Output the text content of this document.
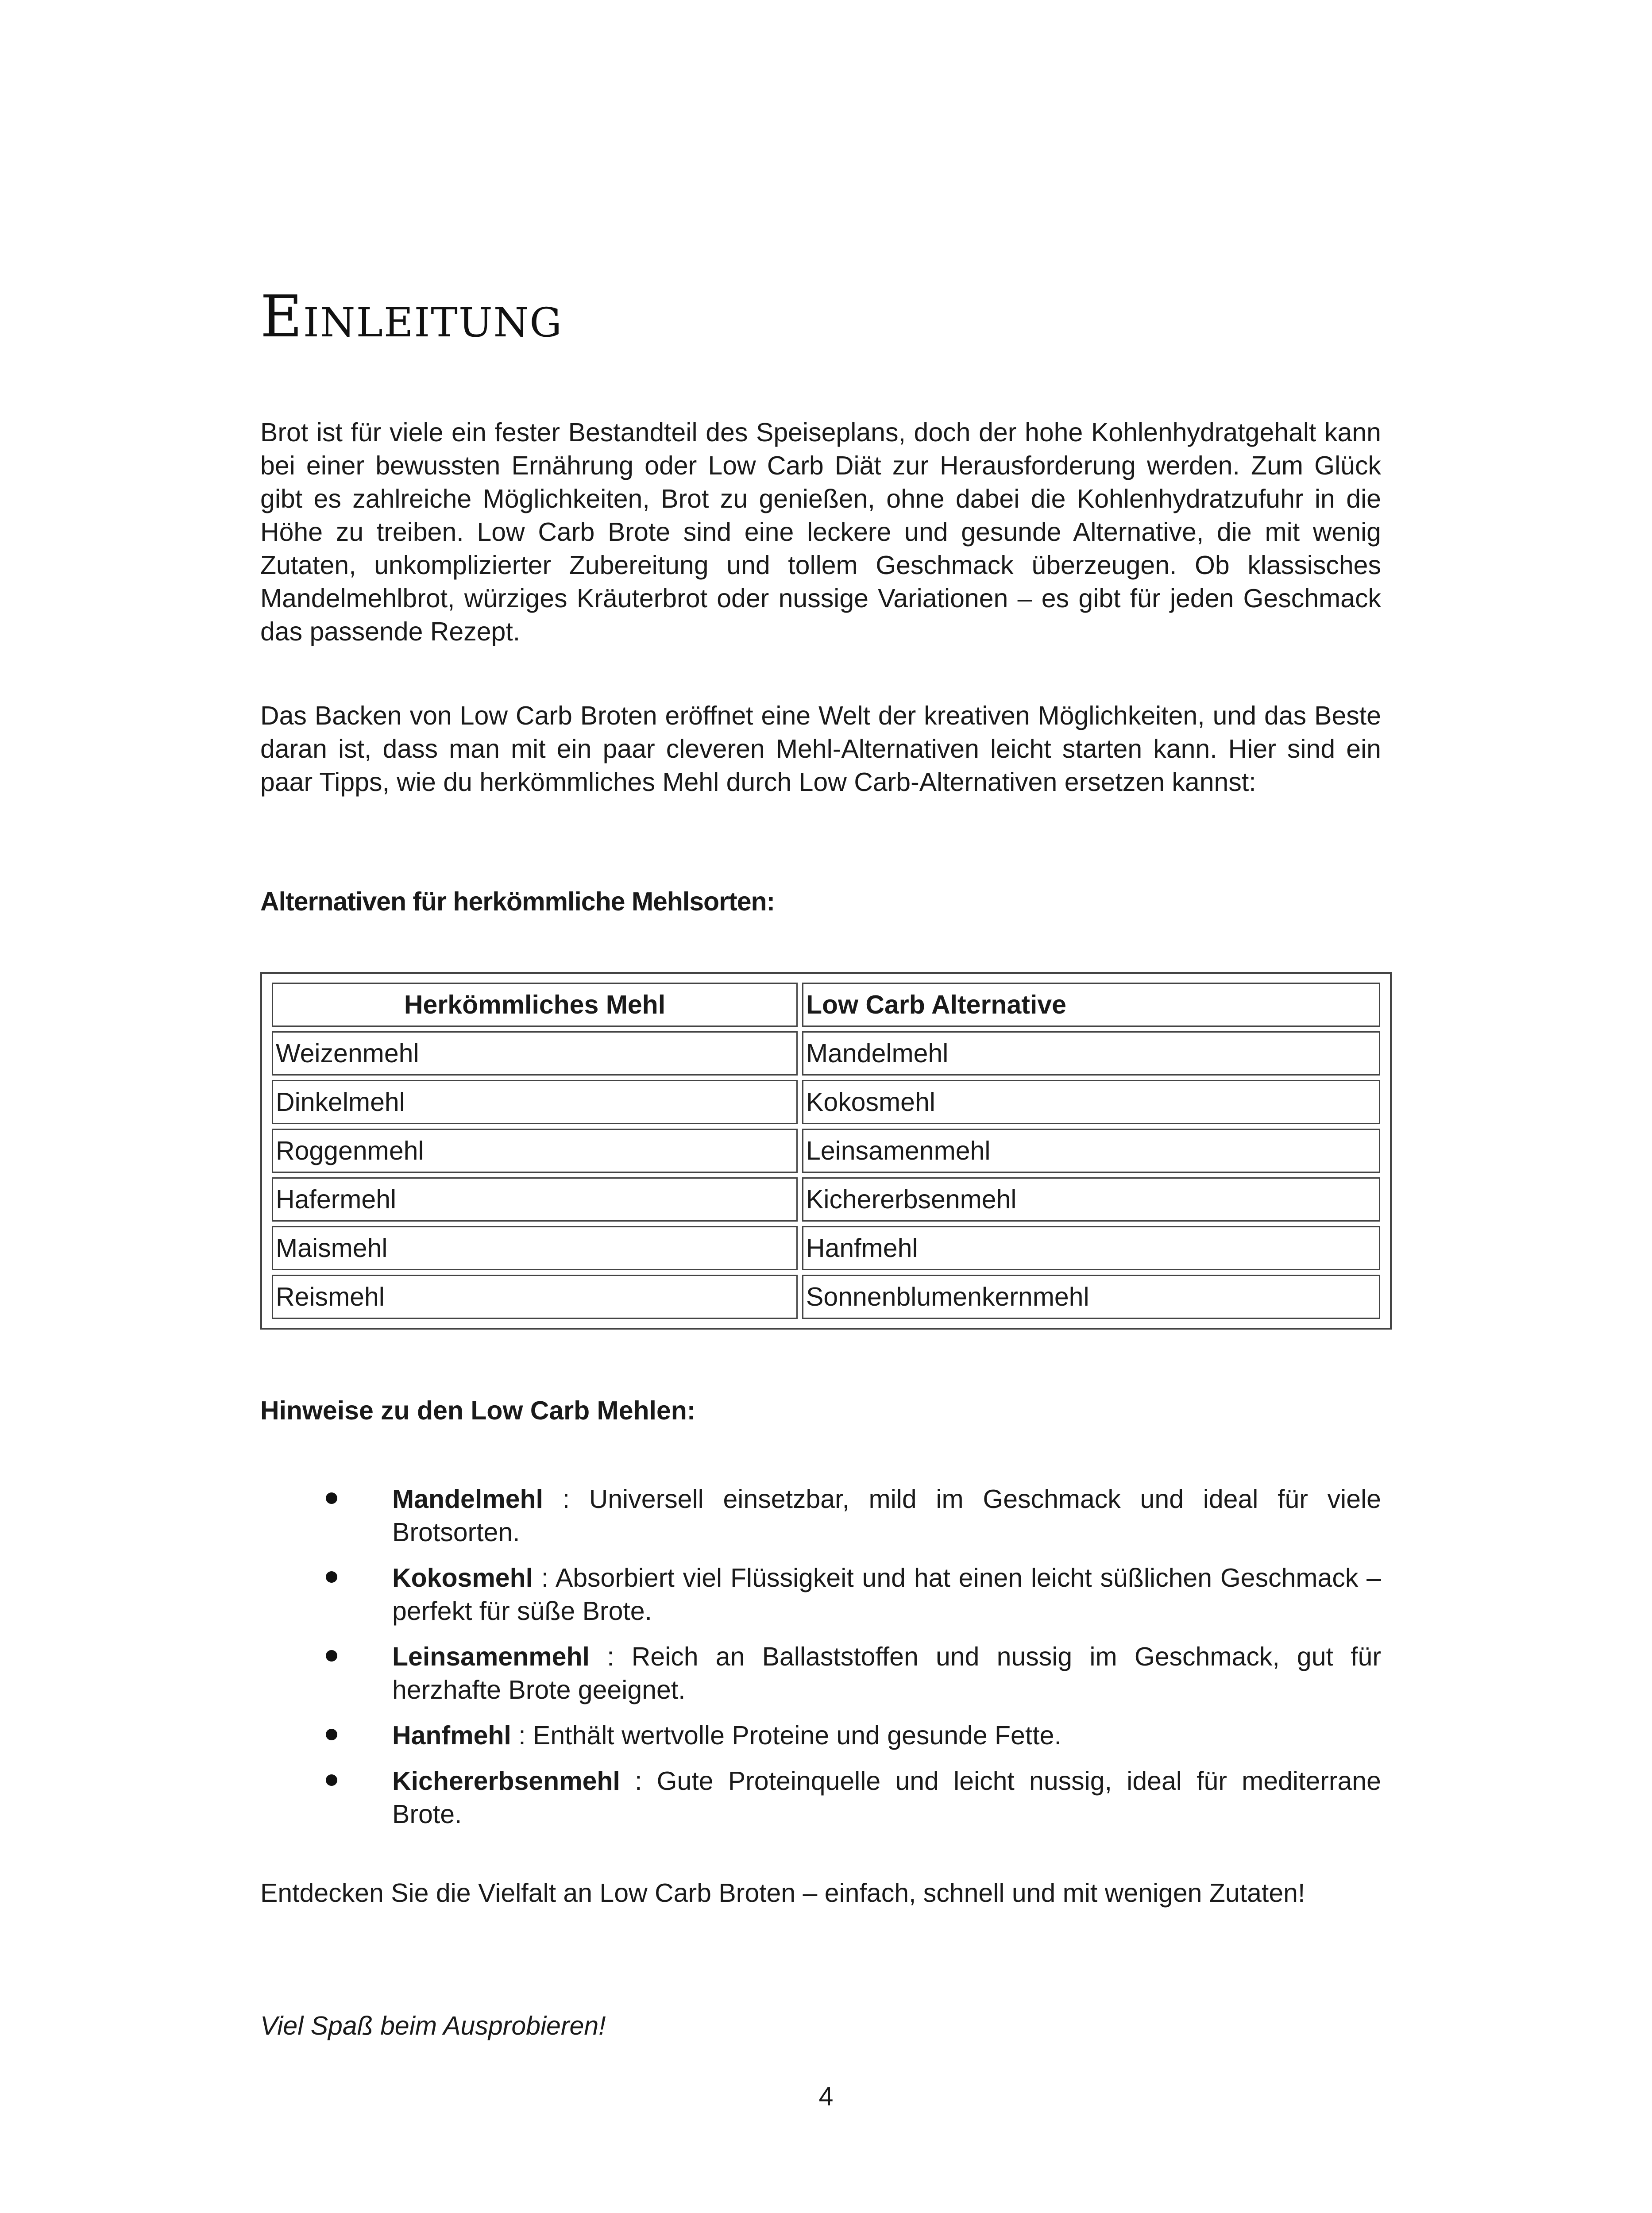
Einleitung

Brot ist für viele ein fester Bestandteil des Speiseplans, doch der hohe Kohlenhydratgehalt kann bei einer bewussten Ernährung oder Low Carb Diät zur Herausforderung werden. Zum Glück gibt es zahlreiche Möglichkeiten, Brot zu genießen, ohne dabei die Kohlenhydratzufuhr in die Höhe zu treiben. Low Carb Brote sind eine leckere und gesunde Alternative, die mit wenig Zutaten, unkomplizierter Zubereitung und tollem Geschmack überzeugen. Ob klassisches Mandelmehlbrot, würziges Kräuterbrot oder nussige Variationen – es gibt für jeden Geschmack das passende Rezept.

Das Backen von Low Carb Broten eröffnet eine Welt der kreativen Möglichkeiten, und das Beste daran ist, dass man mit ein paar cleveren Mehl-Alternativen leicht starten kann. Hier sind ein paar Tipps, wie du herkömmliches Mehl durch Low Carb-Alternativen ersetzen kannst:

Alternativen für herkömmliche Mehlsorten:

Herkömmliches Mehl	Low Carb Alternative
Weizenmehl	Mandelmehl
Dinkelmehl	Kokosmehl
Roggenmehl	Leinsamenmehl
Hafermehl	Kichererbsenmehl
Maismehl	Hanfmehl
Reismehl	Sonnenblumenkernmehl

Hinweise zu den Low Carb Mehlen:

Mandelmehl : Universell einsetzbar, mild im Geschmack und ideal für viele Brotsorten.
Kokosmehl : Absorbiert viel Flüssigkeit und hat einen leicht süßlichen Geschmack – perfekt für süße Brote.
Leinsamenmehl : Reich an Ballaststoffen und nussig im Geschmack, gut für herzhafte Brote geeignet.
Hanfmehl : Enthält wertvolle Proteine und gesunde Fette.
Kichererbsenmehl : Gute Proteinquelle und leicht nussig, ideal für mediterrane Brote.

Entdecken Sie die Vielfalt an Low Carb Broten – einfach, schnell und mit wenigen Zutaten!

Viel Spaß beim Ausprobieren!

4
